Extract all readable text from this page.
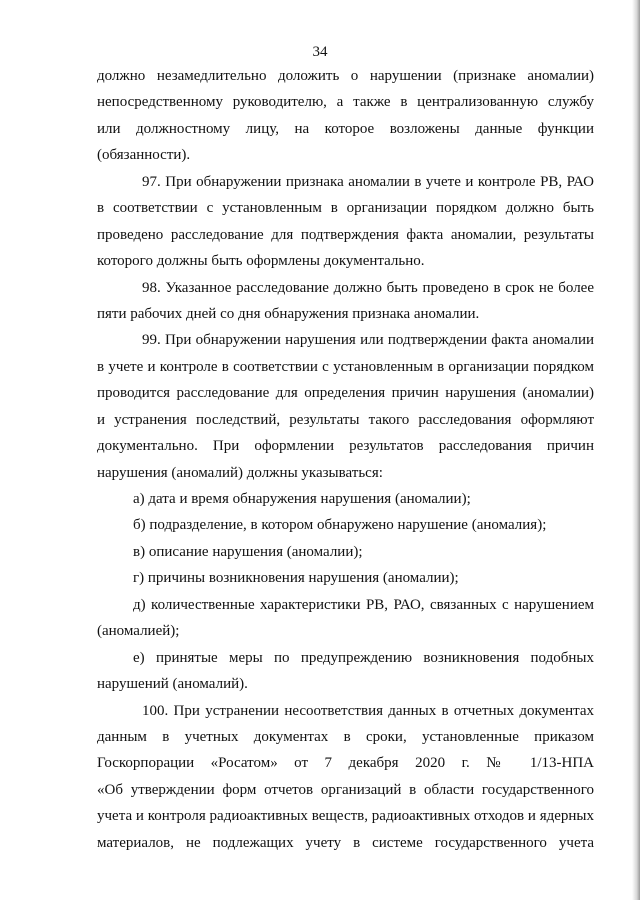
34
должно незамедлительно доложить о нарушении (признаке аномалии)
непосредственному руководителю, а также в централизованную службу
или должностному лицу, на которое возложены данные функции
(обязанности).
97. При обнаружении признака аномалии в учете и контроле РВ, РАО
в соответствии с установленным в организации порядком должно быть
проведено расследование для подтверждения факта аномалии, результаты
которого должны быть оформлены документально.
98. Указанное расследование должно быть проведено в срок не более
пяти рабочих дней со дня обнаружения признака аномалии.
99. При обнаружении нарушения или подтверждении факта аномалии
в учете и контроле в соответствии с установленным в организации порядком
проводится расследование для определения причин нарушения (аномалии)
и устранения последствий, результаты такого расследования оформляют
документально. При оформлении результатов расследования причин
нарушения (аномалий) должны указываться:
а) дата и время обнаружения нарушения (аномалии);
б) подразделение, в котором обнаружено нарушение (аномалия);
в) описание нарушения (аномалии);
г) причины возникновения нарушения (аномалии);
д) количественные характеристики РВ, РАО, связанных с нарушением
(аномалией);
е) принятые меры по предупреждению возникновения подобных
нарушений (аномалий).
100. При устранении несоответствия данных в отчетных документах
данным в учетных документах в сроки, установленные приказом
Госкорпорации «Росатом» от 7 декабря 2020 г. № 1/13-НПА
«Об утверждении форм отчетов организаций в области государственного
учета и контроля радиоактивных веществ, радиоактивных отходов и ядерных
материалов, не подлежащих учету в системе государственного учета
